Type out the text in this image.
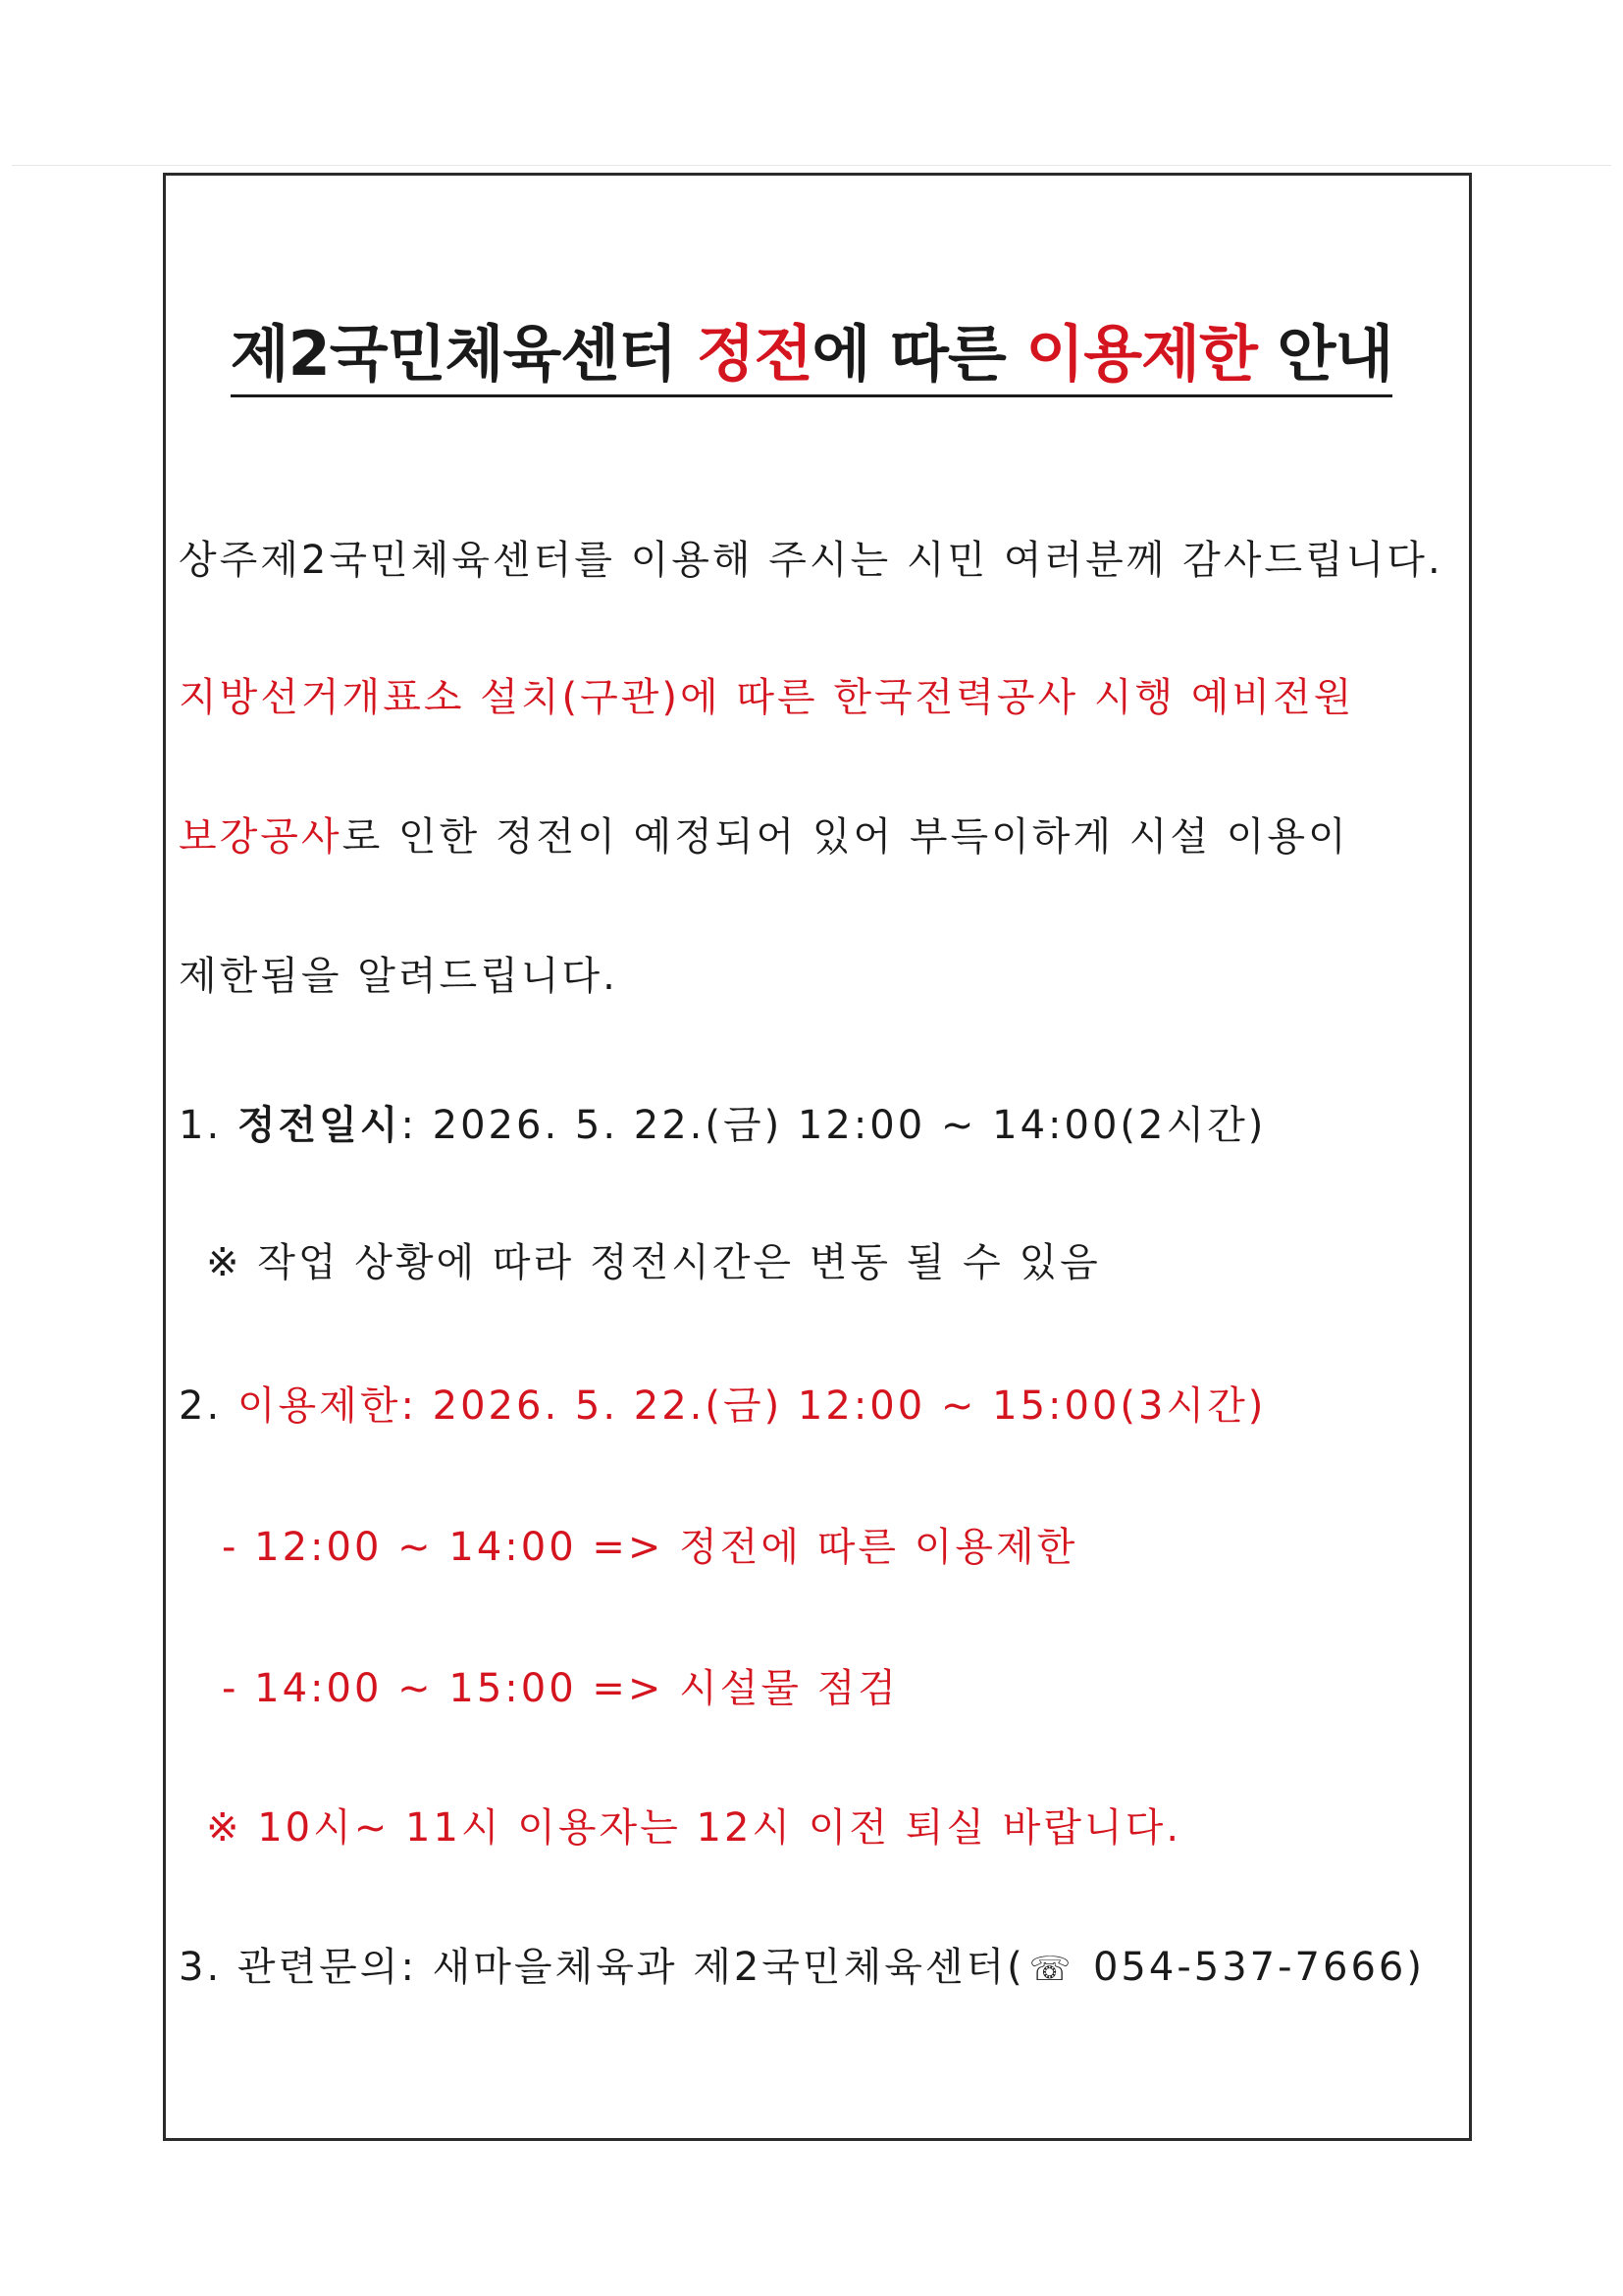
제2국민체육센터 정전에 따른 이용제한 안내
상주제2국민체육센터를 이용해 주시는 시민 여러분께 감사드립니다.
지방선거개표소 설치(구관)에 따른 한국전력공사 시행 예비전원
보강공사로 인한 정전이 예정되어 있어 부득이하게 시설 이용이
제한됨을 알려드립니다.
1. 정전일시: 2026. 5. 22.(금) 12:00 ~ 14:00(2시간)
※ 작업 상황에 따라 정전시간은 변동 될 수 있음
2. 이용제한: 2026. 5. 22.(금) 12:00 ~ 15:00(3시간)
- 12:00 ~ 14:00 => 정전에 따른 이용제한
- 14:00 ~ 15:00 => 시설물 점검
※ 10시~ 11시 이용자는 12시 이전 퇴실 바랍니다.
3. 관련문의: 새마을체육과 제2국민체육센터( ☏ 054-537-7666)
